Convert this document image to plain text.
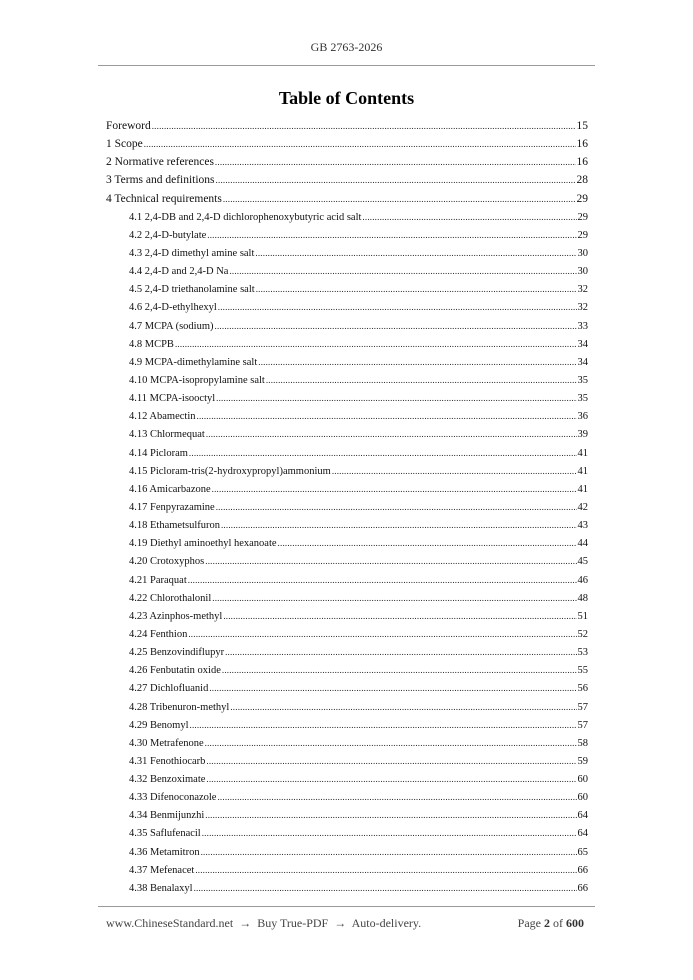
GB 2763-2026
Table of Contents
Foreword .....	15
1 Scope .....	16
2 Normative references .....	16
3 Terms and definitions .....	28
4 Technical requirements .....	29
4.1 2,4-DB and 2,4-D dichlorophenoxybutyric acid salt .....	29
4.2 2,4-D-butylate .....	29
4.3 2,4-D dimethyl amine salt .....	30
4.4 2,4-D and 2,4-D Na .....	30
4.5 2,4-D triethanolamine salt .....	32
4.6 2,4-D-ethylhexyl .....	32
4.7 MCPA (sodium) .....	33
4.8 MCPB .....	34
4.9 MCPA-dimethylamine salt .....	34
4.10 MCPA-isopropylamine salt .....	35
4.11 MCPA-isooctyl .....	35
4.12 Abamectin .....	36
4.13 Chlormequat .....	39
4.14 Picloram .....	41
4.15 Picloram-tris(2-hydroxypropyl)ammonium .....	41
4.16 Amicarbazone .....	41
4.17 Fenpyrazamine .....	42
4.18 Ethametsulfuron .....	43
4.19 Diethyl aminoethyl hexanoate .....	44
4.20 Crotoxyphos .....	45
4.21 Paraquat .....	46
4.22 Chlorothalonil .....	48
4.23 Azinphos-methyl .....	51
4.24 Fenthion .....	52
4.25 Benzovindiflupyr .....	53
4.26 Fenbutatin oxide .....	55
4.27 Dichlofluanid .....	56
4.28 Tribenuron-methyl .....	57
4.29 Benomyl .....	57
4.30 Metrafenone .....	58
4.31 Fenothiocarb .....	59
4.32 Benzoximate .....	60
4.33 Difenoconazole .....	60
4.34 Benmijunzhi .....	64
4.35 Saflufenacil .....	64
4.36 Metamitron .....	65
4.37 Mefenacet .....	66
4.38 Benalaxyl .....	66
www.ChineseStandard.net → Buy True-PDF → Auto-delivery.	Page 2 of 600
